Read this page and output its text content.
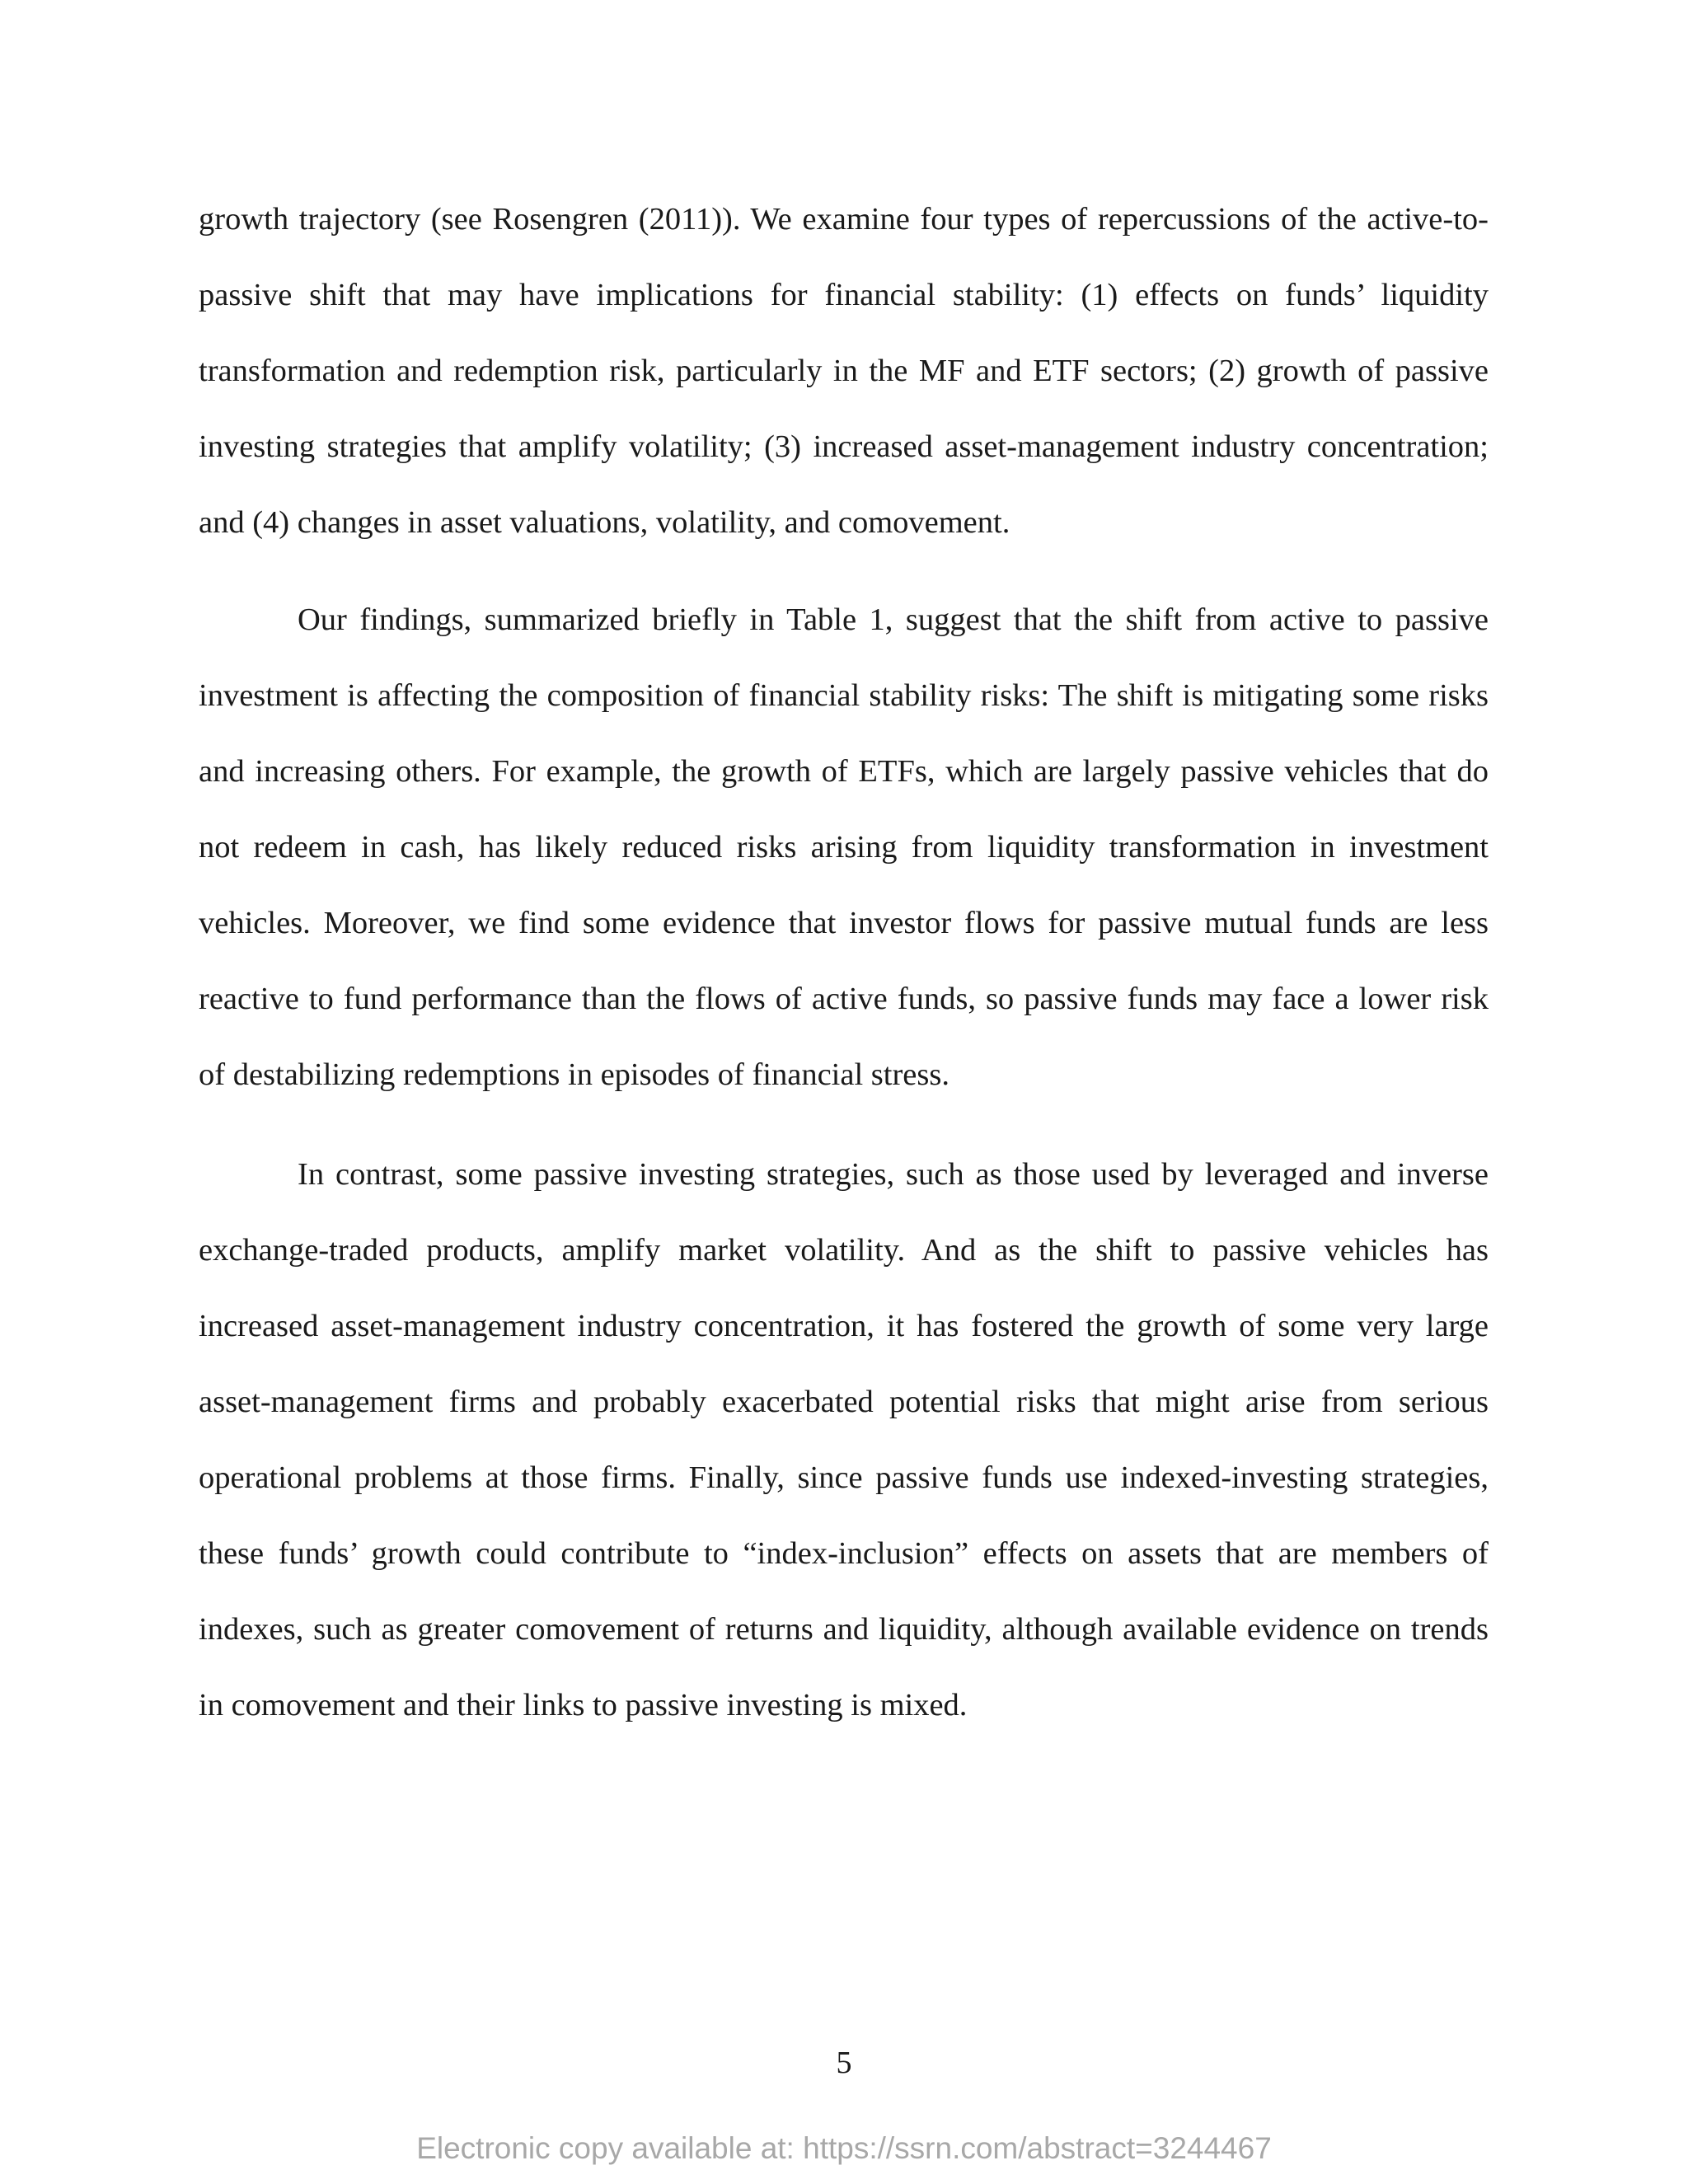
growth trajectory (see Rosengren (2011)). We examine four types of repercussions of the active-to-passive shift that may have implications for financial stability: (1) effects on funds’ liquidity transformation and redemption risk, particularly in the MF and ETF sectors; (2) growth of passive investing strategies that amplify volatility; (3) increased asset-management industry concentration; and (4) changes in asset valuations, volatility, and comovement.

Our findings, summarized briefly in Table 1, suggest that the shift from active to passive investment is affecting the composition of financial stability risks: The shift is mitigating some risks and increasing others. For example, the growth of ETFs, which are largely passive vehicles that do not redeem in cash, has likely reduced risks arising from liquidity transformation in investment vehicles. Moreover, we find some evidence that investor flows for passive mutual funds are less reactive to fund performance than the flows of active funds, so passive funds may face a lower risk of destabilizing redemptions in episodes of financial stress.

In contrast, some passive investing strategies, such as those used by leveraged and inverse exchange-traded products, amplify market volatility. And as the shift to passive vehicles has increased asset-management industry concentration, it has fostered the growth of some very large asset-management firms and probably exacerbated potential risks that might arise from serious operational problems at those firms. Finally, since passive funds use indexed-investing strategies, these funds’ growth could contribute to “index-inclusion” effects on assets that are members of indexes, such as greater comovement of returns and liquidity, although available evidence on trends in comovement and their links to passive investing is mixed.

5
Electronic copy available at: https://ssrn.com/abstract=3244467
